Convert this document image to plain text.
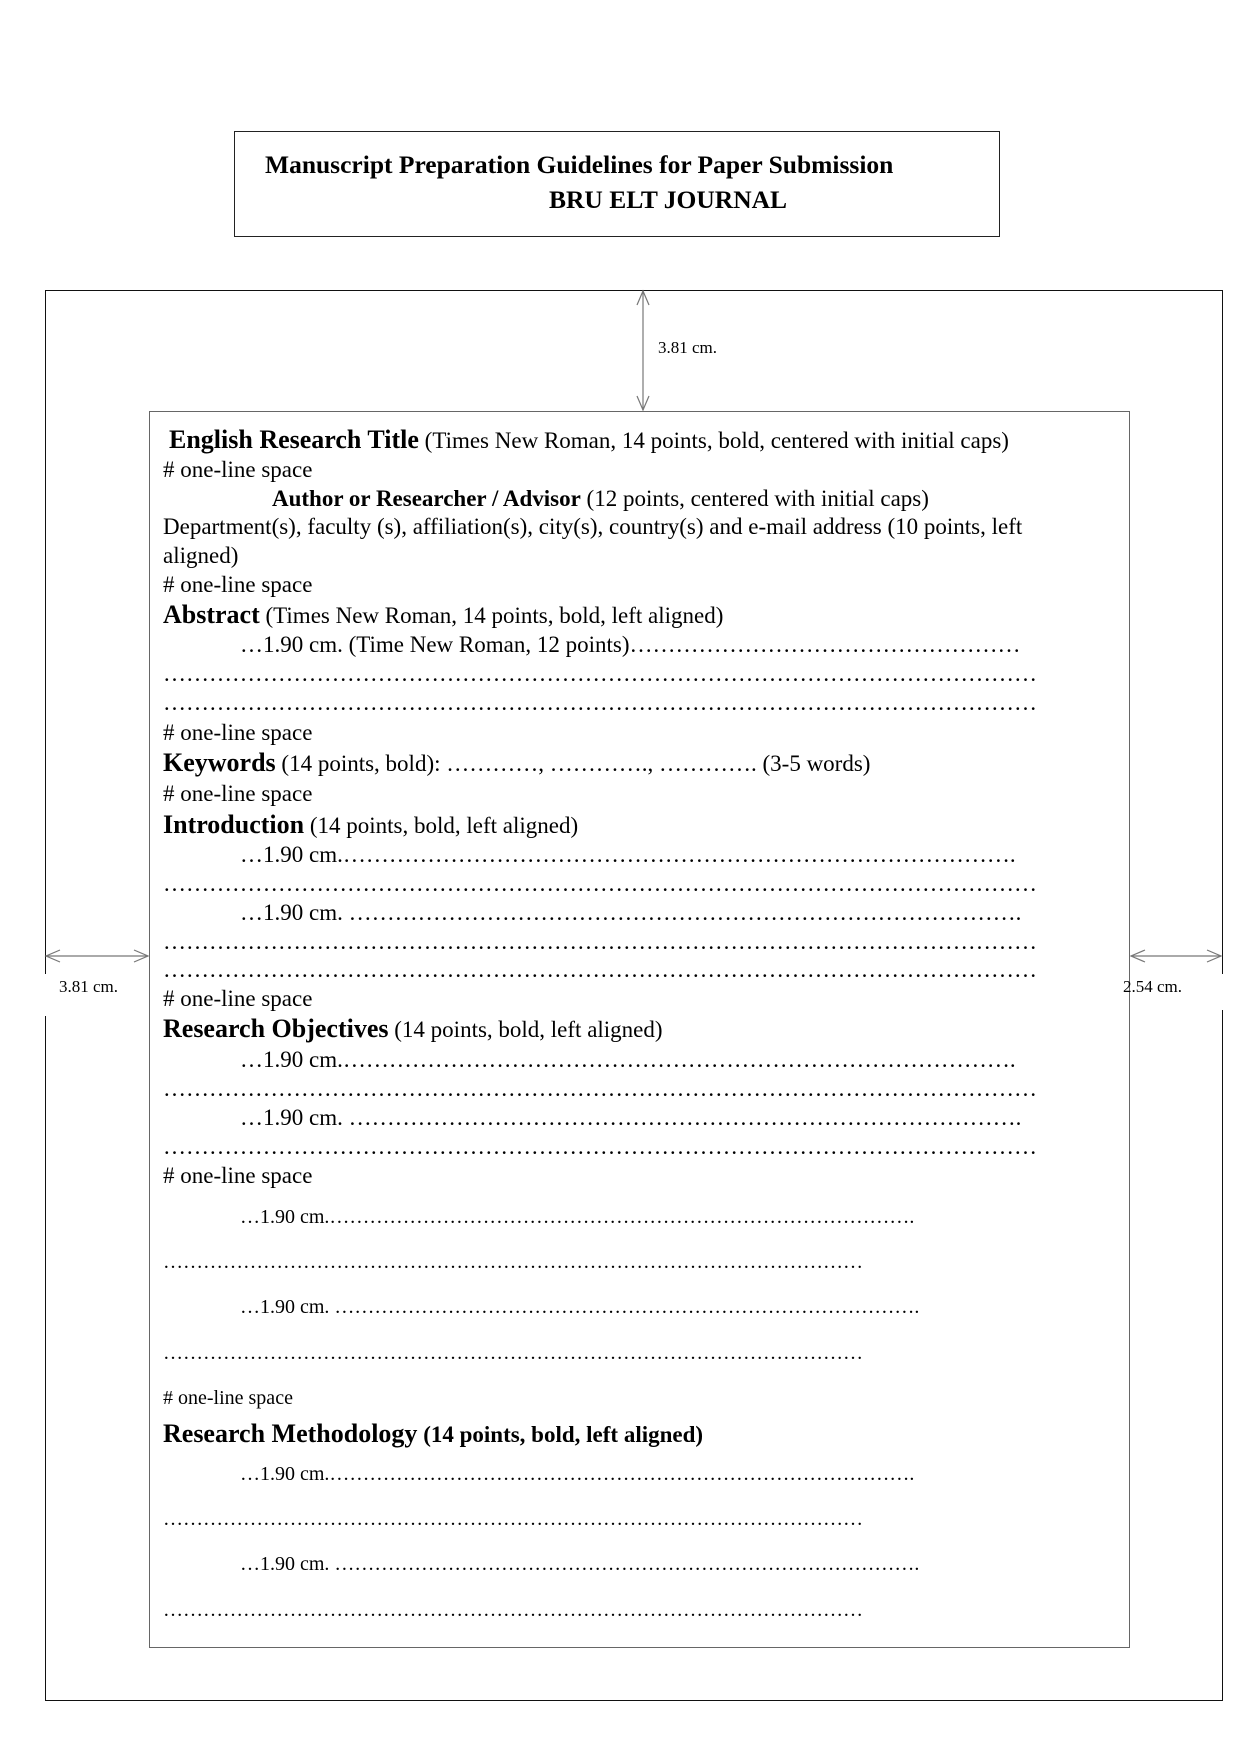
Manuscript Preparation Guidelines for Paper Submission
BRU ELT JOURNAL
3.81 cm.
3.81 cm.	2.54 cm.
English Research Title (Times New Roman, 14 points, bold, centered with initial caps)
# one-line space
Author or Researcher / Advisor (12 points, centered with initial caps)
Department(s), faculty (s), affiliation(s), city(s), country(s) and e-mail address (10 points, left
aligned)
# one-line space
Abstract (Times New Roman, 14 points, bold, left aligned)
…1.90 cm. (Time New Roman, 12 points)……………………………………………
……………………………………………………………………………………………………
……………………………………………………………………………………………………
# one-line space
Keywords (14 points, bold): …………, …………., …………. (3-5 words)
# one-line space
Introduction (14 points, bold, left aligned)
…1.90 cm.…………………………………………………………………………….
……………………………………………………………………………………………………
…1.90 cm. …………………………………………………………………………….
……………………………………………………………………………………………………
……………………………………………………………………………………………………
# one-line space
Research Objectives (14 points, bold, left aligned)
…1.90 cm.…………………………………………………………………………….
……………………………………………………………………………………………………
…1.90 cm. …………………………………………………………………………….
……………………………………………………………………………………………………
# one-line space
…1.90 cm.…………………………………………………………………………….
……………………………………………………………………………………………
…1.90 cm. …………………………………………………………………………….
……………………………………………………………………………………………
# one-line space
Research Methodology (14 points, bold, left aligned)
…1.90 cm.…………………………………………………………………………….
……………………………………………………………………………………………
…1.90 cm. …………………………………………………………………………….
……………………………………………………………………………………………
